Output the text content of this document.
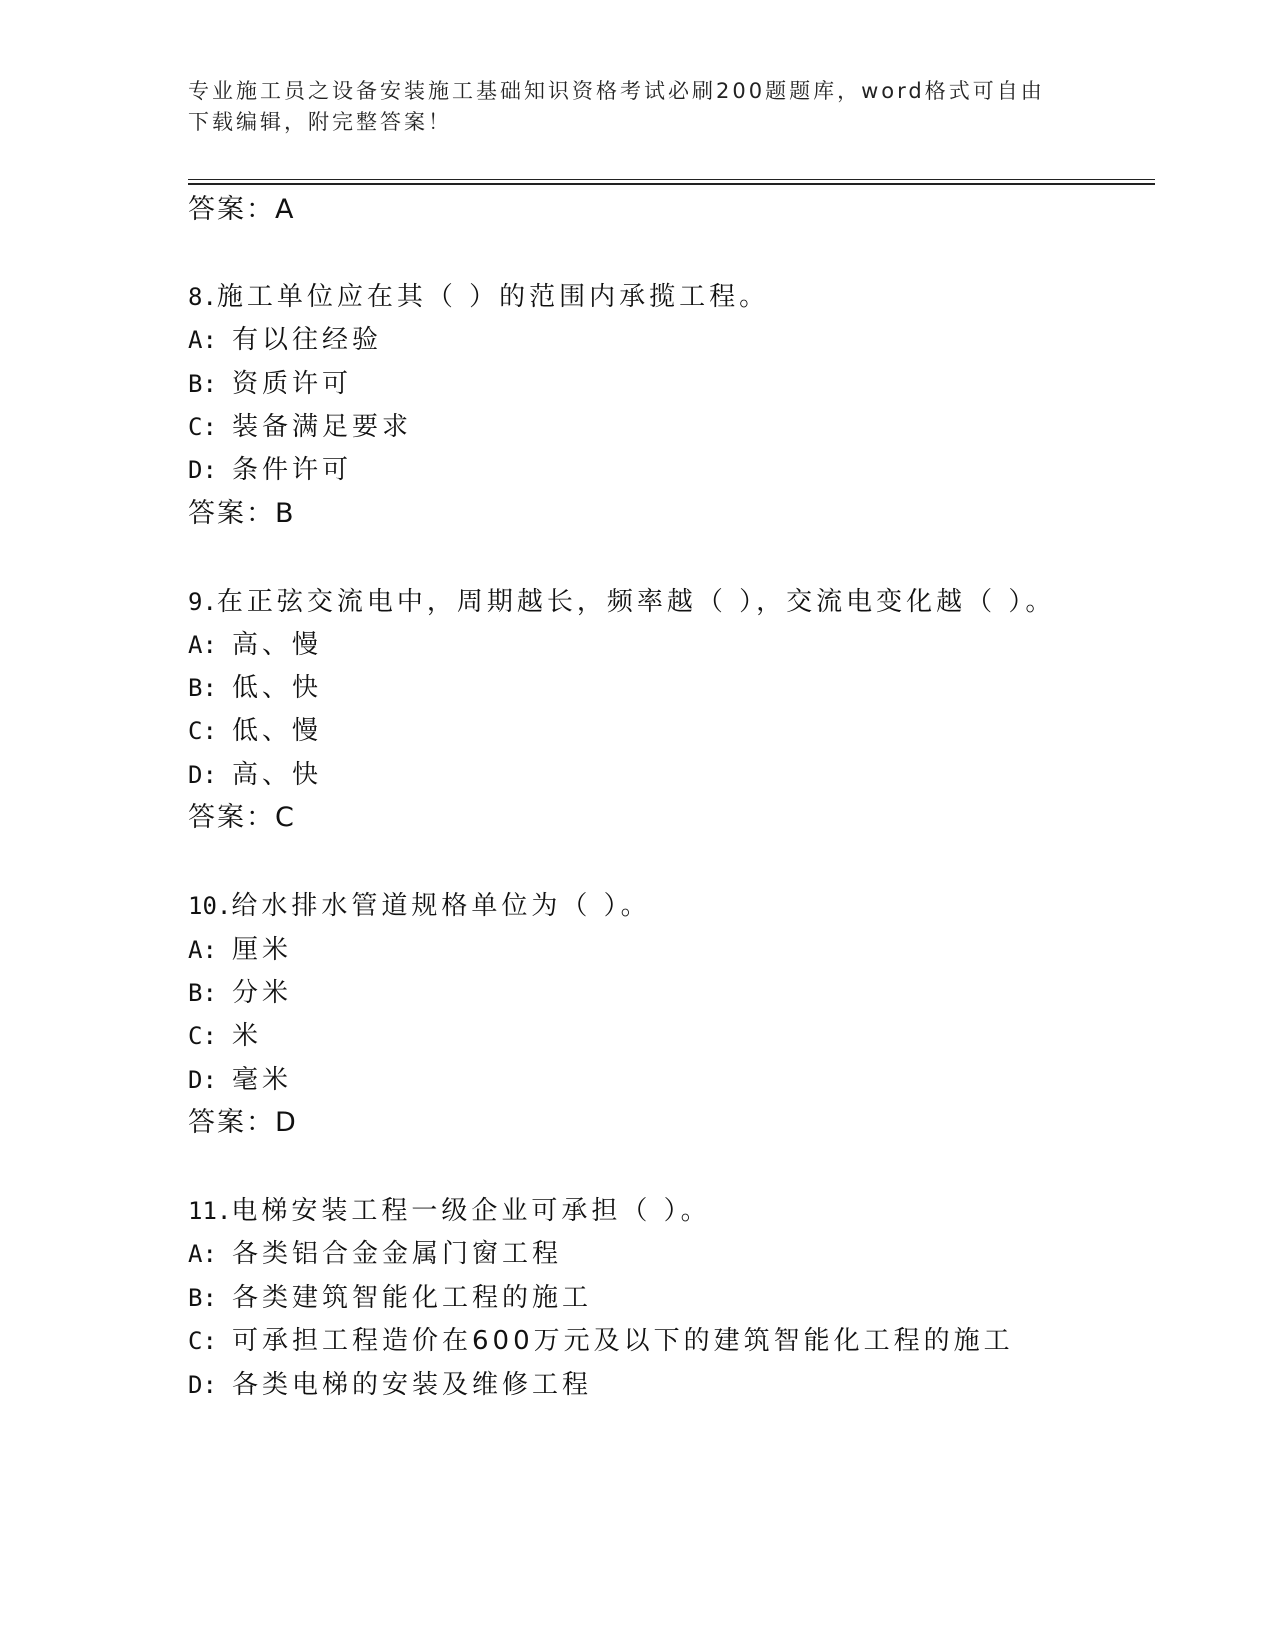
专业施工员之设备安装施工基础知识资格考试必刷200题题库，word格式可自由
下载编辑，附完整答案！
答案：A
8.施工单位应在其（ ）的范围内承揽工程。
A: 有以往经验
B: 资质许可
C: 装备满足要求
D: 条件许可
答案：B
9.在正弦交流电中，周期越长，频率越（ ），交流电变化越（ ）。
A: 高、慢
B: 低、快
C: 低、慢
D: 高、快
答案：C
10.给水排水管道规格单位为（ ）。
A: 厘米
B: 分米
C: 米
D: 毫米
答案：D
11.电梯安装工程一级企业可承担（ ）。
A: 各类铝合金金属门窗工程
B: 各类建筑智能化工程的施工
C: 可承担工程造价在600万元及以下的建筑智能化工程的施工
D: 各类电梯的安装及维修工程
